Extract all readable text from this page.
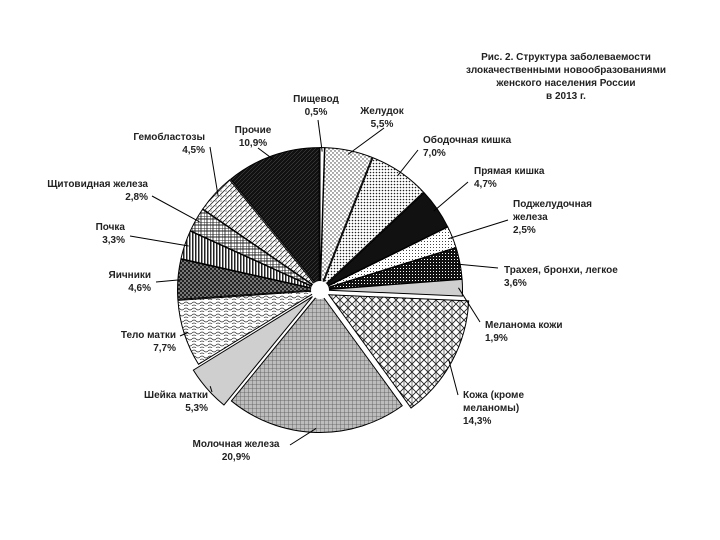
Пищевод 0,5%	Желудок 5,5%
Ободочная кишка 7,0%
Прямая кишка 4,7%
Поджелудочная железа 2,5%
Трахея, бронхи, легкое 3,6%
Меланома кожи 1,9%
Кожа (кроме меланомы) 14,3%
Молочная железа 20,9%
Шейка матки 5,3%
Тело матки 7,7%
Яичники 4,6%
Почка 3,3%
Щитовидная железа 2,8%
Гемобластозы 4,5%
Прочие 10,9%
Рис. 2. Структура заболеваемости злокачественными новообразованиями женского населения России в 2013 г.
